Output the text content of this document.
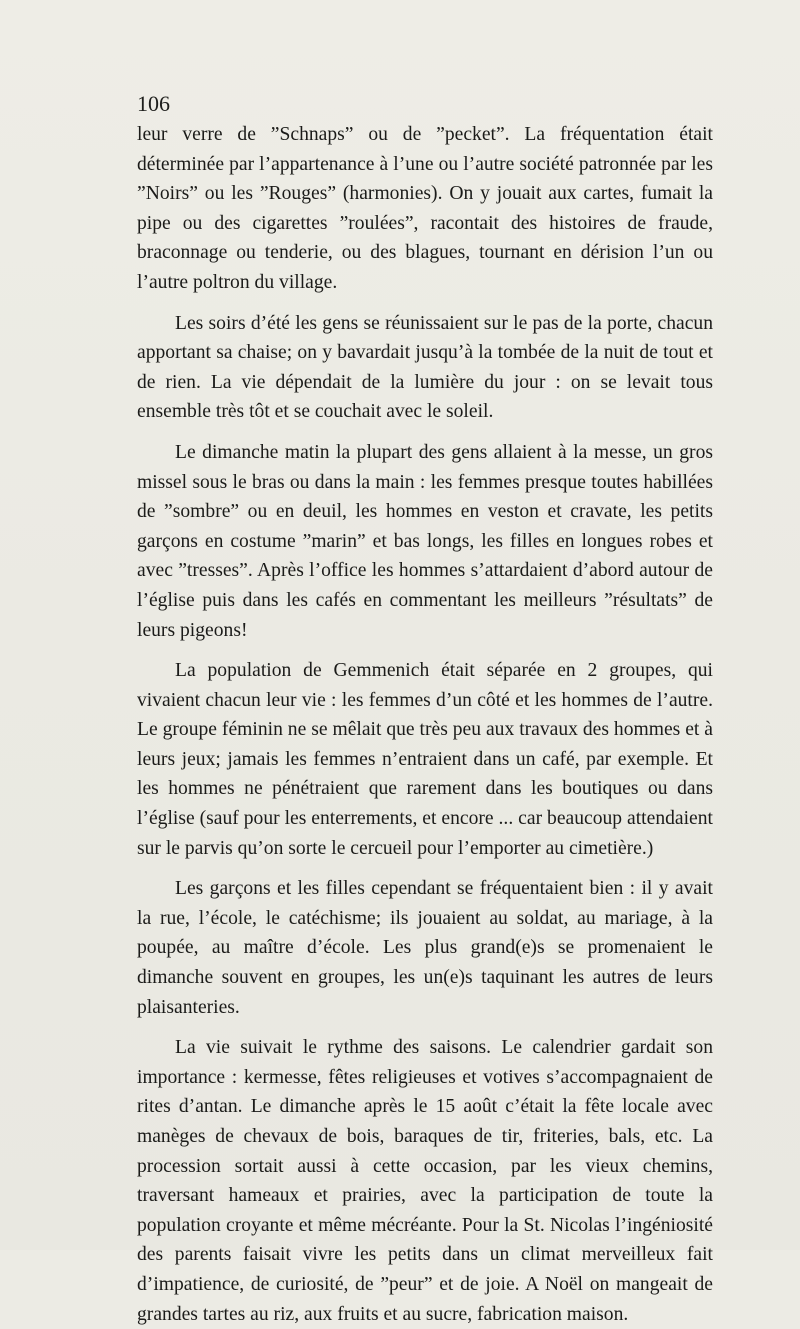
106

leur verre de ”Schnaps” ou de ”pecket”. La fréquentation était déterminée par l’appartenance à l’une ou l’autre société patronnée par les ”Noirs” ou les ”Rouges” (harmonies). On y jouait aux cartes, fumait la pipe ou des cigarettes ”roulées”, racontait des histoires de fraude, braconnage ou tenderie, ou des blagues, tournant en dérision l’un ou l’autre poltron du village.

Les soirs d’été les gens se réunissaient sur le pas de la porte, chacun apportant sa chaise; on y bavardait jusqu’à la tombée de la nuit de tout et de rien. La vie dépendait de la lumière du jour : on se levait tous ensemble très tôt et se couchait avec le soleil.

Le dimanche matin la plupart des gens allaient à la messe, un gros missel sous le bras ou dans la main : les femmes presque toutes habillées de ”sombre” ou en deuil, les hommes en veston et cravate, les petits garçons en costume ”marin” et bas longs, les filles en longues robes et avec ”tresses”. Après l’office les hommes s’attardaient d’abord autour de l’église puis dans les cafés en commentant les meilleurs ”résultats” de leurs pigeons!

La population de Gemmenich était séparée en 2 groupes, qui vivaient chacun leur vie : les femmes d’un côté et les hommes de l’autre. Le groupe féminin ne se mêlait que très peu aux travaux des hommes et à leurs jeux; jamais les femmes n’entraient dans un café, par exemple. Et les hommes ne pénétraient que rarement dans les boutiques ou dans l’église (sauf pour les enterrements, et encore ... car beaucoup attendaient sur le parvis qu’on sorte le cercueil pour l’emporter au cimetière.)

Les garçons et les filles cependant se fréquentaient bien : il y avait la rue, l’école, le catéchisme; ils jouaient au soldat, au mariage, à la poupée, au maître d’école. Les plus grand(e)s se promenaient le dimanche souvent en groupes, les un(e)s taquinant les autres de leurs plaisanteries.

La vie suivait le rythme des saisons. Le calendrier gardait son importance : kermesse, fêtes religieuses et votives s’accompagnaient de rites d’antan. Le dimanche après le 15 août c’était la fête locale avec manèges de chevaux de bois, baraques de tir, friteries, bals, etc. La procession sortait aussi à cette occasion, par les vieux chemins, traversant hameaux et prairies, avec la participation de toute la population croyante et même mécréante. Pour la St. Nicolas l’ingéniosité des parents faisait vivre les petits dans un climat merveilleux fait d’impatience, de curiosité, de ”peur” et de joie. A Noël on mangeait de grandes tartes au riz, aux fruits et au sucre, fabrication maison.
